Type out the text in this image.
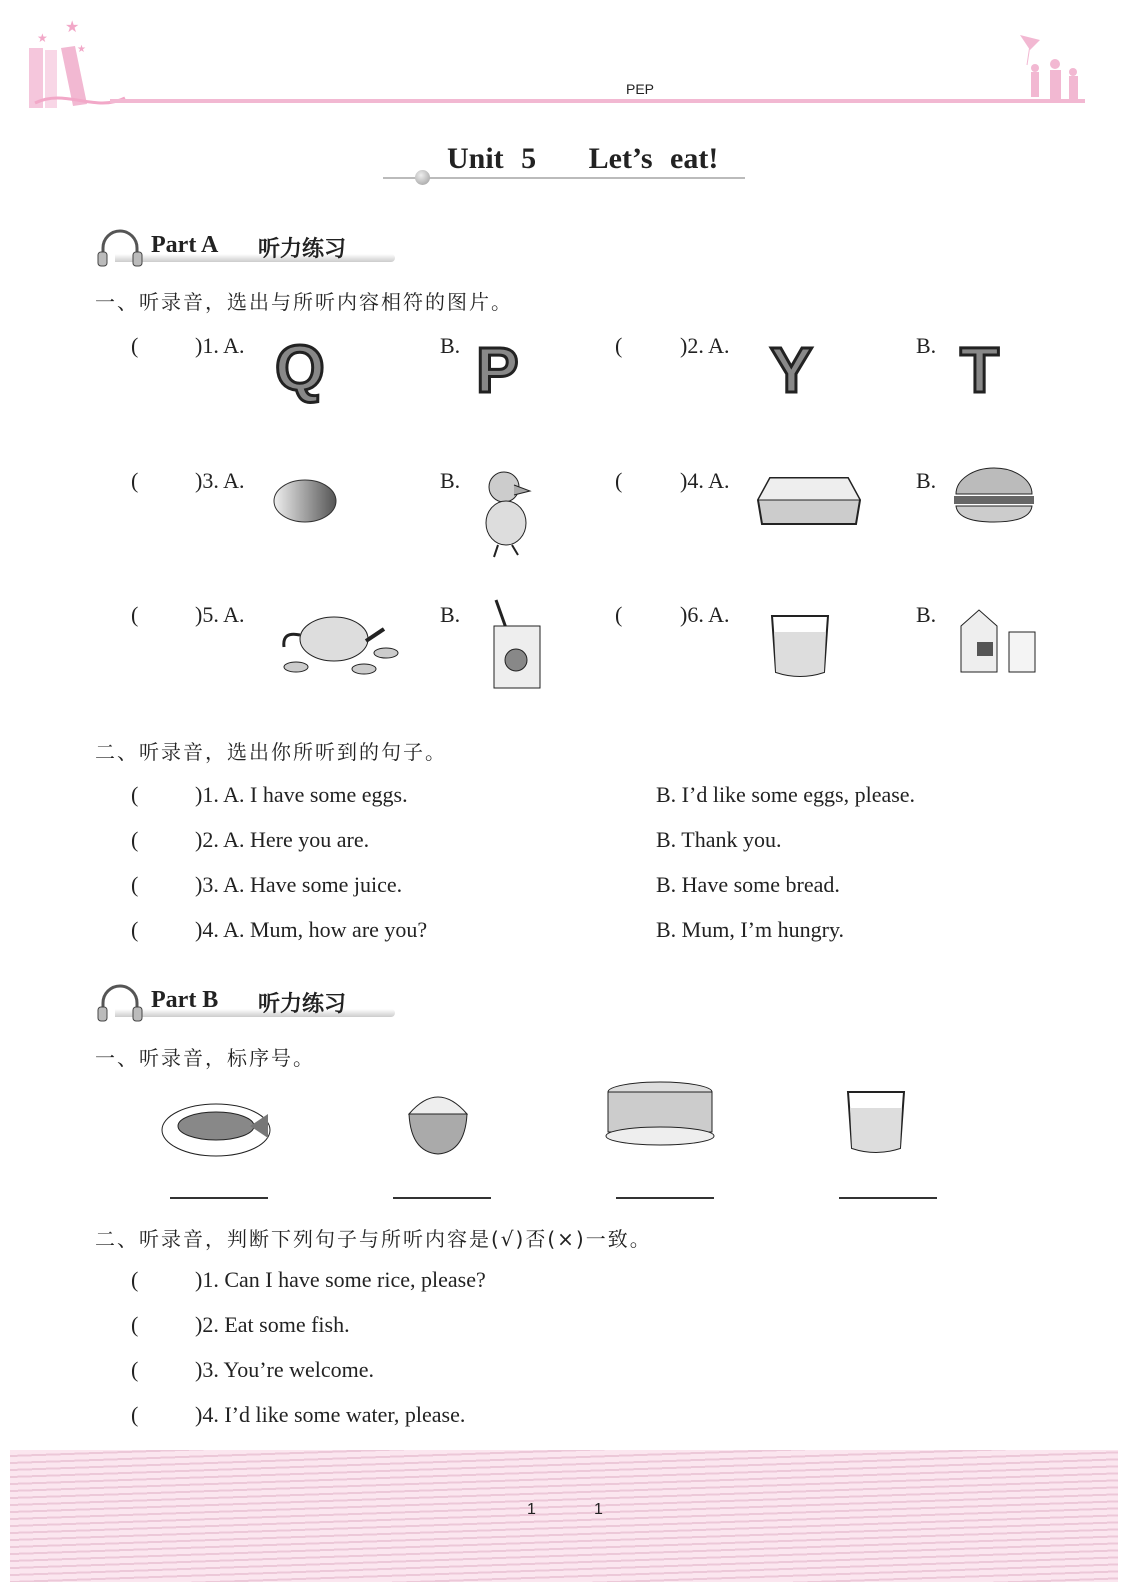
★
★
★
PEP
Unit 5   Let’s eat!
Part A 听力练习
一、听录音，选出与所听内容相符的图片。
(	)1. A. Q	B. P	(	)2. A. Y	B. T
(	)3. A.	B.	(	)4. A.	B.
(	)5. A.	B.	(	)6. A.	B.
二、听录音，选出你所听到的句子。
(	)1. A. I have some eggs.	B. I’d like some eggs, please.
(	)2. A. Here you are.	B. Thank you.
(	)3. A. Have some juice.	B. Have some bread.
(	)4. A. Mum, how are you?	B. Mum, I’m hungry.
Part B 听力练习
一、听录音，标序号。
二、听录音，判断下列句子与所听内容是(√)否(×)一致。
(	)1. Can I have some rice, please?
(	)2. Eat some fish.
(	)3. You’re welcome.
(	)4. I’d like some water, please.
1	1
